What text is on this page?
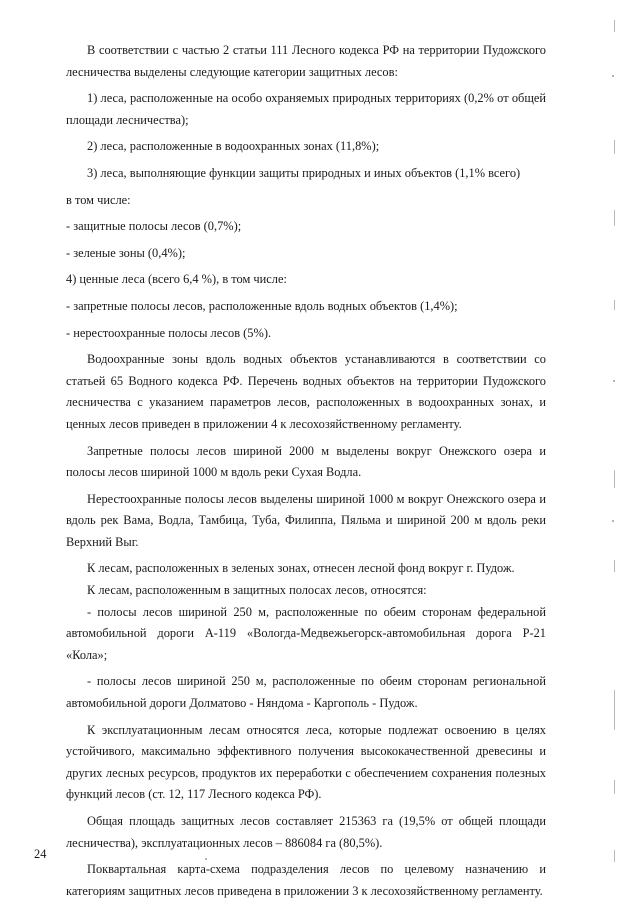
В соответствии с частью 2 статьи 111 Лесного кодекса РФ на территории Пудожского лесничества выделены следующие категории защитных лесов:

1) леса, расположенные на особо охраняемых природных территориях (0,2% от общей площади лесничества);

2) леса, расположенные в водоохранных зонах (11,8%);

3) леса, выполняющие функции защиты природных и иных объектов (1,1% всего)

в том числе:

- защитные полосы лесов (0,7%);

- зеленые зоны (0,4%);

4) ценные леса (всего 6,4 %), в том числе:

- запретные полосы лесов, расположенные вдоль водных объектов (1,4%);

- нерестоохранные полосы лесов (5%).

Водоохранные зоны вдоль водных объектов устанавливаются в соответствии со статьей 65 Водного кодекса РФ. Перечень водных объектов на территории Пудожского лесничества с указанием параметров лесов, расположенных в водоохранных зонах, и ценных лесов приведен в приложении 4 к лесохозяйственному регламенту.

Запретные полосы лесов шириной 2000 м выделены вокруг Онежского озера и полосы лесов шириной 1000 м вдоль реки Сухая Водла.

Нерестоохранные полосы лесов выделены шириной 1000 м вокруг Онежского озера и вдоль рек Вама, Водла, Тамбица, Туба, Филиппа, Пяльма и шириной 200 м вдоль реки Верхний Выг.

К лесам, расположенных в зеленых зонах, отнесен лесной фонд вокруг г. Пудож.

К лесам, расположенным в защитных полосах лесов, относятся:

- полосы лесов шириной 250 м, расположенные по обеим сторонам федеральной автомобильной дороги А-119 «Вологда-Медвежьегорск-автомобильная дорога Р-21 «Кола»;

- полосы лесов шириной 250 м, расположенные по обеим сторонам региональной автомобильной дороги Долматово - Няндома - Каргополь - Пудож.

К эксплуатационным лесам относятся леса, которые подлежат освоению в целях устойчивого, максимально эффективного получения высококачественной древесины и других лесных ресурсов, продуктов их переработки с обеспечением сохранения полезных функций лесов (ст. 12, 117 Лесного кодекса РФ).

Общая площадь защитных лесов составляет 215363 га (19,5% от общей площади лесничества), эксплуатационных лесов – 886084 га (80,5%).

Поквартальная карта-схема подразделения лесов по целевому назначению и категориям защитных лесов приведена в приложении 3 к лесохозяйственному регламенту.

24
